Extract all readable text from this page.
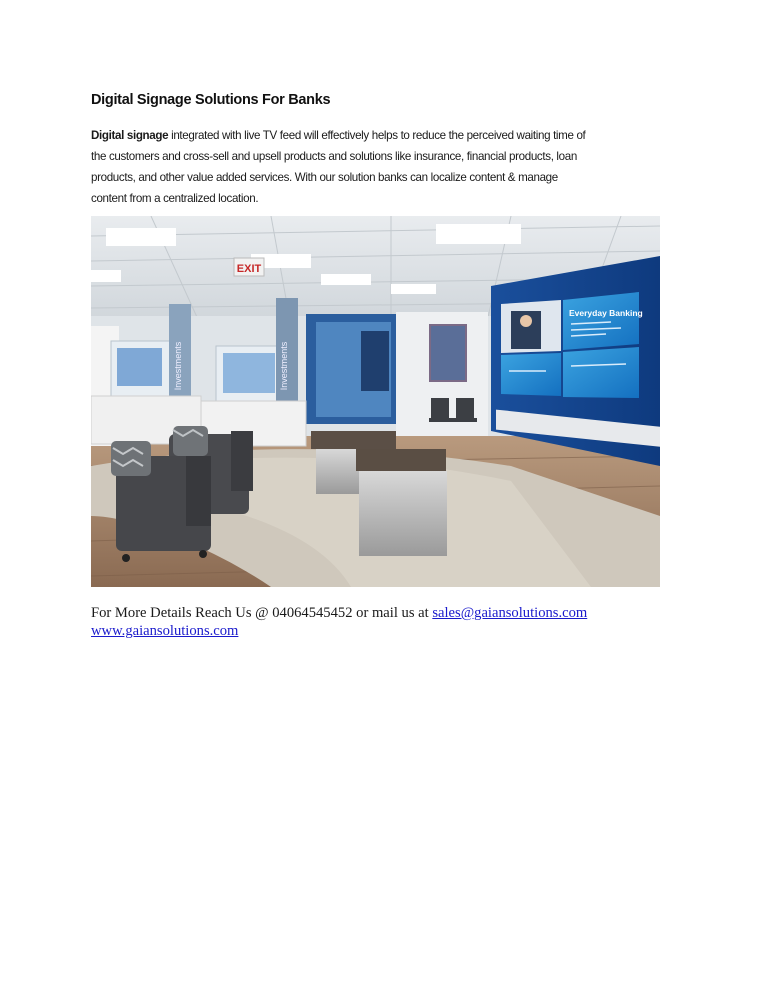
Digital Signage Solutions For Banks
Digital signage integrated with live TV feed will effectively helps to reduce the perceived waiting time of
the customers and cross-sell and upsell products and solutions like insurance, financial products, loan
products, and other value added services. With our solution banks can localize content & manage
content from a centralized location.
EXIT
Investments	Investments
Everyday Banking
For More Details Reach Us @ 04064545452 or mail us at sales@gaiansolutions.com
www.gaiansolutions.com
